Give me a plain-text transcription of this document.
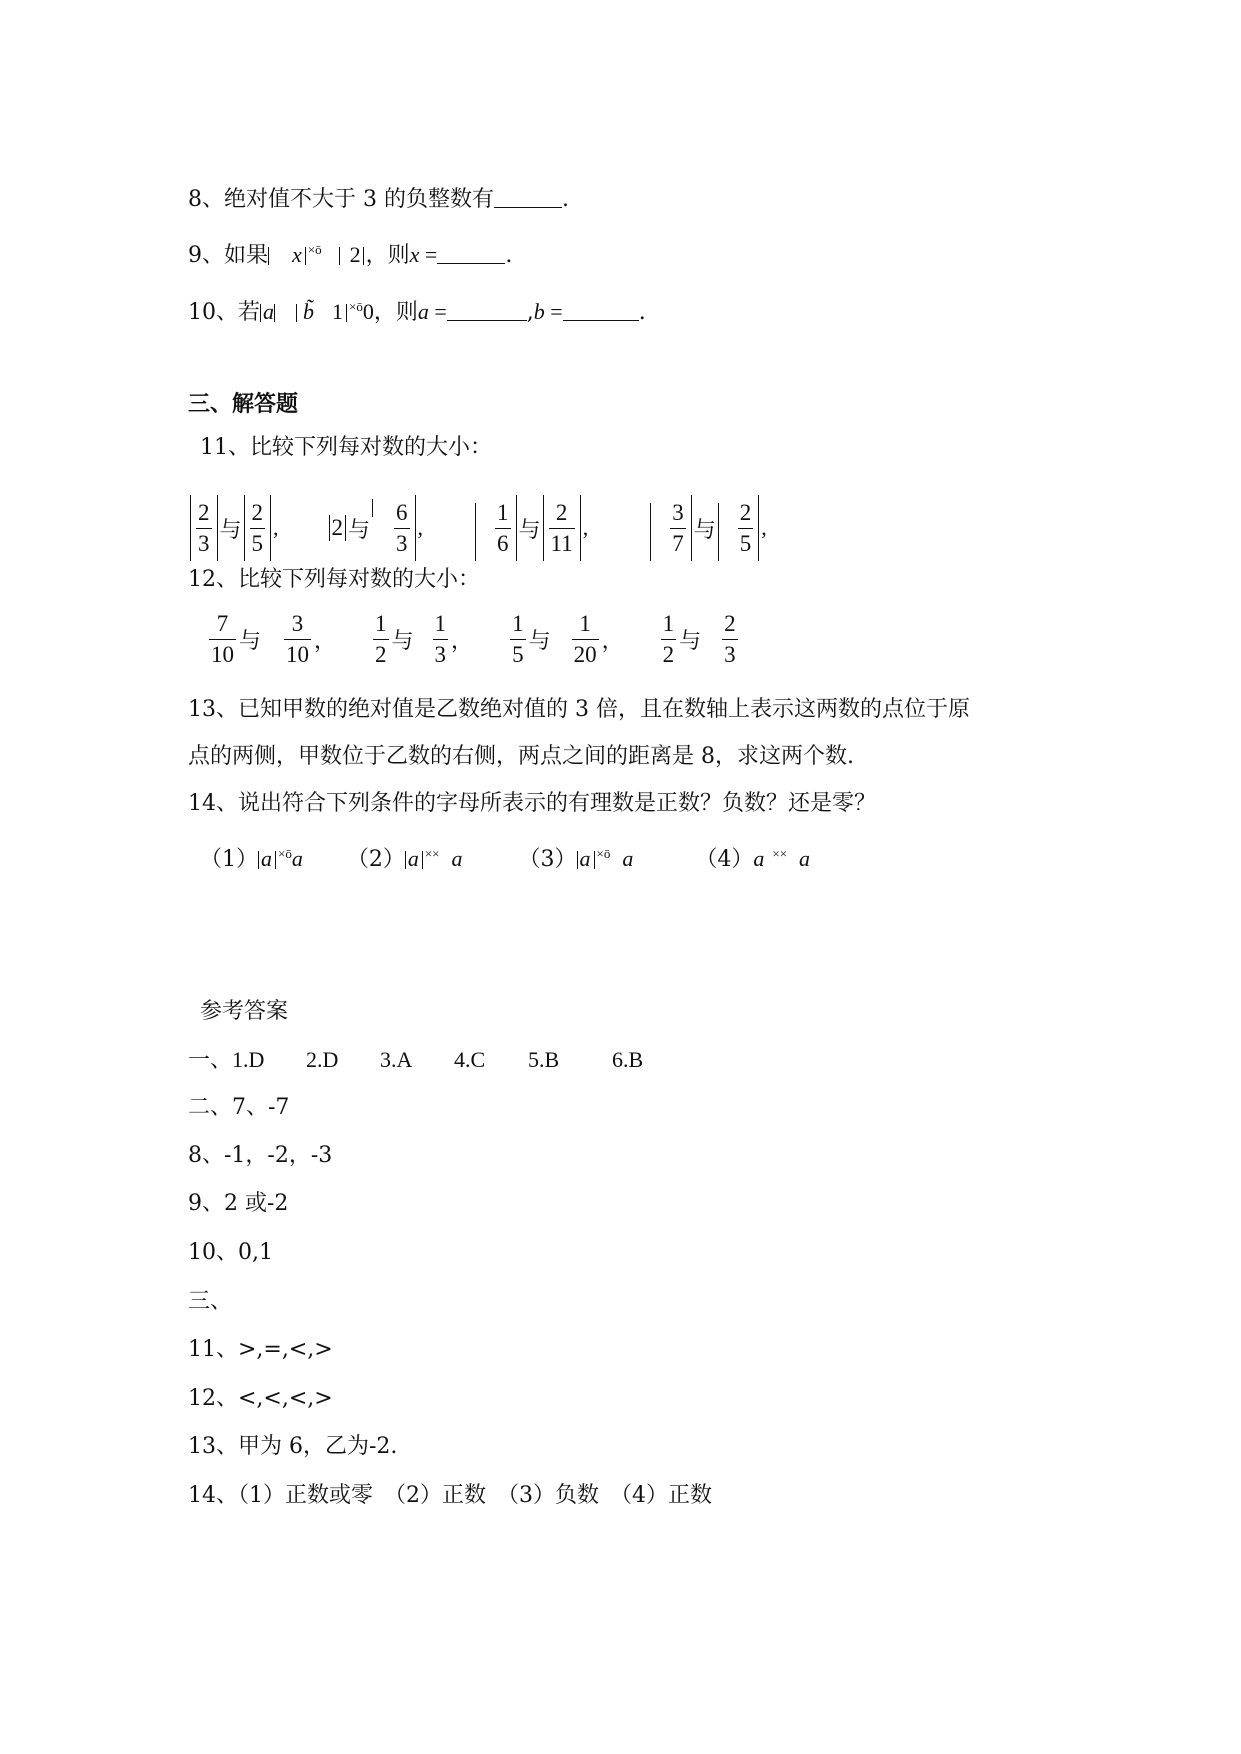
8、绝对值不大于 3 的负整数有	.
9、如果 x $^{\times ō}$ 2 ，则x =	.
10、若 a b̃ 1 $^{\times ō}$0，则a =	,b =	.
三、解答题
11、比较下列每对数的大小：
$\frac{2}{3}$ 与 $\frac{2}{5}$ , 2 与 $\frac{6}{3}$ ,	$\frac{1}{6}$ 与 $\frac{2}{11}$ ,	$\frac{3}{7}$ 与 $\frac{2}{5}$ ,
12、比较下列每对数的大小：
$\frac{7}{10}$ 与 $\frac{3}{10}$ ， $\frac{1}{2}$ 与 $\frac{1}{3}$ ， $\frac{1}{5}$ 与 $\frac{1}{20}$ ， $\frac{1}{2}$ 与 $\frac{2}{3}$
13、已知甲数的绝对值是乙数绝对值的 3 倍，且在数轴上表示这两数的点位于原
点的两侧，甲数位于乙数的右侧，两点之间的距离是 8，求这两个数.
14、说出符合下列条件的字母所表示的有理数是正数？负数？还是零？
（1） a $^{\times ō}$a （2） a ×× a	（3） a $^{\times ō}$ a	（4）a ×× a
参考答案
一、1.D 2.D 3.A 4.C 5.B 6.B
二、7、-7
8、-1，-2，-3
9、2 或-2
10、0,1
三、
11、>,=,<,>
12、<,<,<,>
13、甲为 6，乙为-2.
14、（1）正数或零　（2）正数　（3）负数　（4）正数
